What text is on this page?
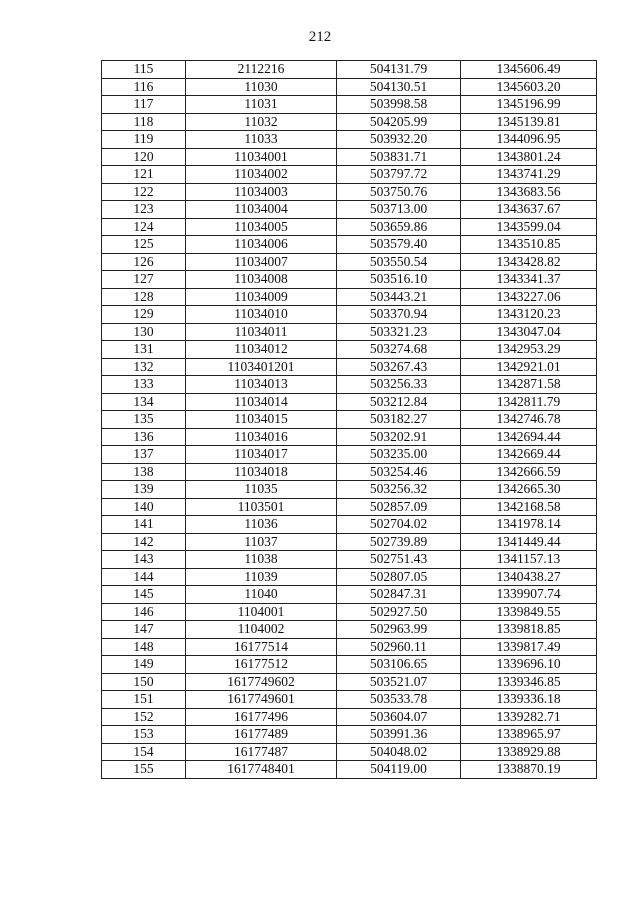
212
115	2112216	504131.79	1345606.49
116	11030	504130.51	1345603.20
117	11031	503998.58	1345196.99
118	11032	504205.99	1345139.81
119	11033	503932.20	1344096.95
120	11034001	503831.71	1343801.24
121	11034002	503797.72	1343741.29
122	11034003	503750.76	1343683.56
123	11034004	503713.00	1343637.67
124	11034005	503659.86	1343599.04
125	11034006	503579.40	1343510.85
126	11034007	503550.54	1343428.82
127	11034008	503516.10	1343341.37
128	11034009	503443.21	1343227.06
129	11034010	503370.94	1343120.23
130	11034011	503321.23	1343047.04
131	11034012	503274.68	1342953.29
132	1103401201	503267.43	1342921.01
133	11034013	503256.33	1342871.58
134	11034014	503212.84	1342811.79
135	11034015	503182.27	1342746.78
136	11034016	503202.91	1342694.44
137	11034017	503235.00	1342669.44
138	11034018	503254.46	1342666.59
139	11035	503256.32	1342665.30
140	1103501	502857.09	1342168.58
141	11036	502704.02	1341978.14
142	11037	502739.89	1341449.44
143	11038	502751.43	1341157.13
144	11039	502807.05	1340438.27
145	11040	502847.31	1339907.74
146	1104001	502927.50	1339849.55
147	1104002	502963.99	1339818.85
148	16177514	502960.11	1339817.49
149	16177512	503106.65	1339696.10
150	1617749602	503521.07	1339346.85
151	1617749601	503533.78	1339336.18
152	16177496	503604.07	1339282.71
153	16177489	503991.36	1338965.97
154	16177487	504048.02	1338929.88
155	1617748401	504119.00	1338870.19
